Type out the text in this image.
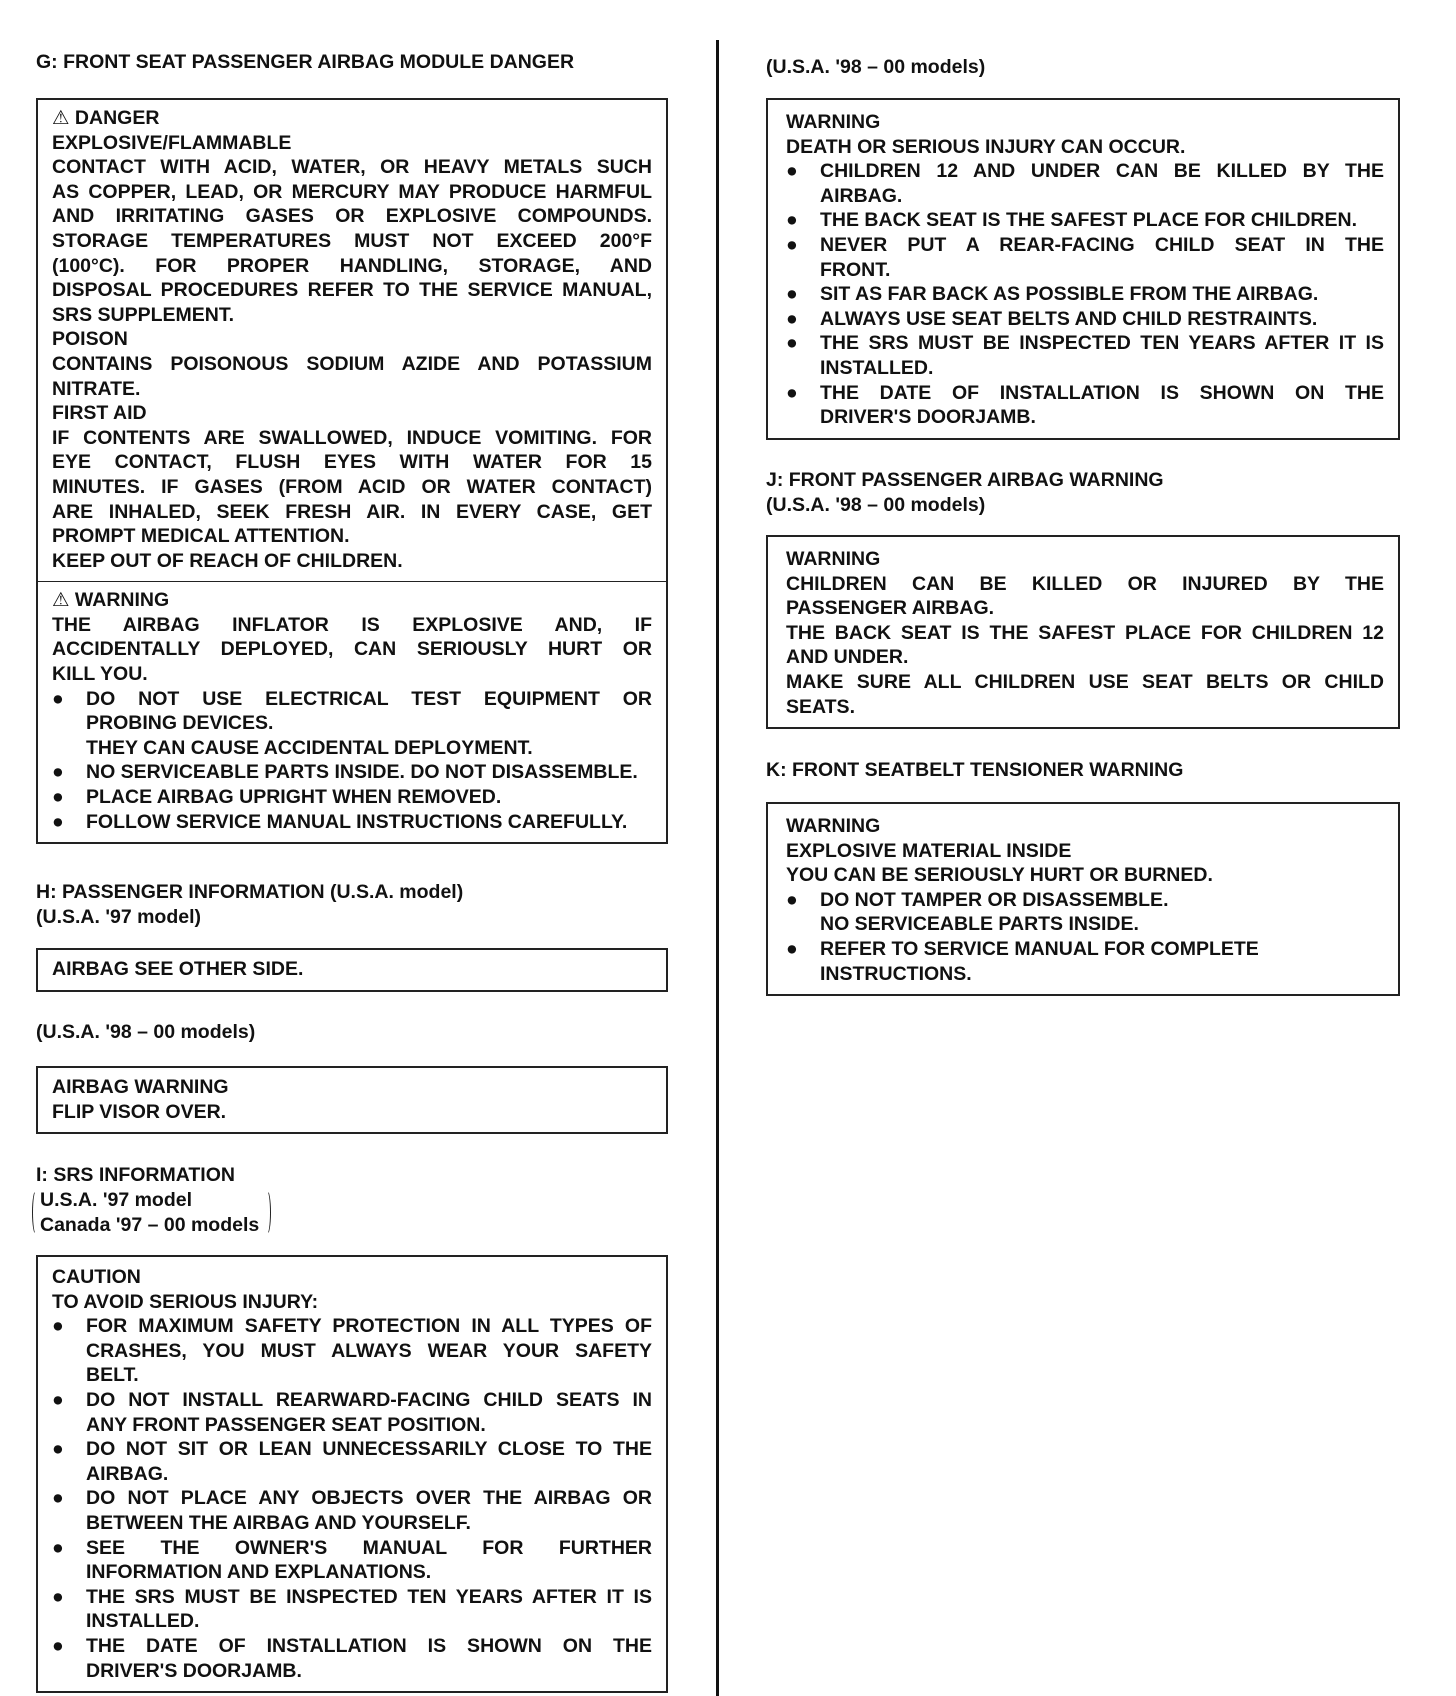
G: FRONT SEAT PASSENGER AIRBAG MODULE DANGER
⚠ DANGER
EXPLOSIVE/FLAMMABLE
CONTACT WITH ACID, WATER, OR HEAVY METALS SUCH
AS COPPER, LEAD, OR MERCURY MAY PRODUCE HARMFUL
AND IRRITATING GASES OR EXPLOSIVE COMPOUNDS.
STORAGE TEMPERATURES MUST NOT EXCEED 200°F
(100°C). FOR PROPER HANDLING, STORAGE, AND
DISPOSAL PROCEDURES REFER TO THE SERVICE MANUAL,
SRS SUPPLEMENT.
POISON
CONTAINS POISONOUS SODIUM AZIDE AND POTASSIUM
NITRATE.
FIRST AID
IF CONTENTS ARE SWALLOWED, INDUCE VOMITING. FOR
EYE CONTACT, FLUSH EYES WITH WATER FOR 15
MINUTES. IF GASES (FROM ACID OR WATER CONTACT)
ARE INHALED, SEEK FRESH AIR. IN EVERY CASE, GET
PROMPT MEDICAL ATTENTION.
KEEP OUT OF REACH OF CHILDREN.
⚠ WARNING
THE AIRBAG INFLATOR IS EXPLOSIVE AND, IF
ACCIDENTALLY DEPLOYED, CAN SERIOUSLY HURT OR
KILL YOU.
●	DO NOT USE ELECTRICAL TEST EQUIPMENT OR
PROBING DEVICES.
THEY CAN CAUSE ACCIDENTAL DEPLOYMENT.
●	NO SERVICEABLE PARTS INSIDE. DO NOT DISASSEMBLE.
●	PLACE AIRBAG UPRIGHT WHEN REMOVED.
●	FOLLOW SERVICE MANUAL INSTRUCTIONS CAREFULLY.
H: PASSENGER INFORMATION (U.S.A. model)
(U.S.A. '97 model)
AIRBAG SEE OTHER SIDE.
(U.S.A. '98 – 00 models)
AIRBAG WARNING
FLIP VISOR OVER.
I: SRS INFORMATION
U.S.A. '97 model
Canada '97 – 00 models
CAUTION
TO AVOID SERIOUS INJURY:
●	FOR MAXIMUM SAFETY PROTECTION IN ALL TYPES OF
CRASHES, YOU MUST ALWAYS WEAR YOUR SAFETY
BELT.
●	DO NOT INSTALL REARWARD-FACING CHILD SEATS IN
ANY FRONT PASSENGER SEAT POSITION.
●	DO NOT SIT OR LEAN UNNECESSARILY CLOSE TO THE
AIRBAG.
●	DO NOT PLACE ANY OBJECTS OVER THE AIRBAG OR
BETWEEN THE AIRBAG AND YOURSELF.
●	SEE THE OWNER'S MANUAL FOR FURTHER
INFORMATION AND EXPLANATIONS.
●	THE SRS MUST BE INSPECTED TEN YEARS AFTER IT IS
INSTALLED.
●	THE DATE OF INSTALLATION IS SHOWN ON THE
DRIVER'S DOORJAMB.
(U.S.A. '98 – 00 models)
WARNING
DEATH OR SERIOUS INJURY CAN OCCUR.
●	CHILDREN 12 AND UNDER CAN BE KILLED BY THE
AIRBAG.
●	THE BACK SEAT IS THE SAFEST PLACE FOR CHILDREN.
●	NEVER PUT A REAR-FACING CHILD SEAT IN THE
FRONT.
●	SIT AS FAR BACK AS POSSIBLE FROM THE AIRBAG.
●	ALWAYS USE SEAT BELTS AND CHILD RESTRAINTS.
●	THE SRS MUST BE INSPECTED TEN YEARS AFTER IT IS
INSTALLED.
●	THE DATE OF INSTALLATION IS SHOWN ON THE
DRIVER'S DOORJAMB.
J: FRONT PASSENGER AIRBAG WARNING
(U.S.A. '98 – 00 models)
WARNING
CHILDREN CAN BE KILLED OR INJURED BY THE
PASSENGER AIRBAG.
THE BACK SEAT IS THE SAFEST PLACE FOR CHILDREN 12
AND UNDER.
MAKE SURE ALL CHILDREN USE SEAT BELTS OR CHILD
SEATS.
K: FRONT SEATBELT TENSIONER WARNING
WARNING
EXPLOSIVE MATERIAL INSIDE
YOU CAN BE SERIOUSLY HURT OR BURNED.
●	DO NOT TAMPER OR DISASSEMBLE.
NO SERVICEABLE PARTS INSIDE.
●	REFER TO SERVICE MANUAL FOR COMPLETE
INSTRUCTIONS.
